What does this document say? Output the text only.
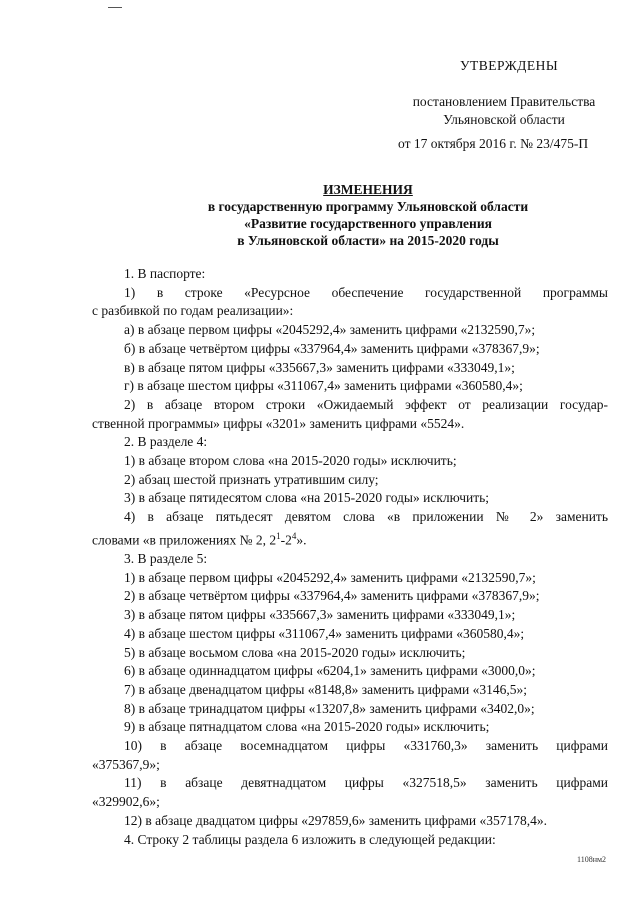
УТВЕРЖДЕНЫ
постановлением Правительства
Ульяновской области
от 17 октября 2016 г. № 23/475-П
ИЗМЕНЕНИЯ
в государственную программу Ульяновской области
«Развитие государственного управления
в Ульяновской области» на 2015-2020 годы
1. В паспорте:
1) в строке «Ресурсное обеспечение государственной программы
с разбивкой по годам реализации»:
а) в абзаце первом цифры «2045292,4» заменить цифрами «2132590,7»;
б) в абзаце четвёртом цифры «337964,4» заменить цифрами «378367,9»;
в) в абзаце пятом цифры «335667,3» заменить цифрами «333049,1»;
г) в абзаце шестом цифры «311067,4» заменить цифрами «360580,4»;
2) в абзаце втором строки «Ожидаемый эффект от реализации государ-
ственной программы» цифры «3201» заменить цифрами «5524».
2. В разделе 4:
1) в абзаце втором слова «на 2015-2020 годы» исключить;
2) абзац шестой признать утратившим силу;
3) в абзаце пятидесятом слова «на 2015-2020 годы» исключить;
4) в абзаце пятьдесят девятом слова «в приложении № 2» заменить
словами «в приложениях № 2, $2^1-2^4$».
3. В разделе 5:
1) в абзаце первом цифры «2045292,4» заменить цифрами «2132590,7»;
2) в абзаце четвёртом цифры «337964,4» заменить цифрами «378367,9»;
3) в абзаце пятом цифры «335667,3» заменить цифрами «333049,1»;
4) в абзаце шестом цифры «311067,4» заменить цифрами «360580,4»;
5) в абзаце восьмом слова «на 2015-2020 годы» исключить;
6) в абзаце одиннадцатом цифры «6204,1» заменить цифрами «3000,0»;
7) в абзаце двенадцатом цифры «8148,8» заменить цифрами «3146,5»;
8) в абзаце тринадцатом цифры «13207,8» заменить цифрами «3402,0»;
9) в абзаце пятнадцатом слова «на 2015-2020 годы» исключить;
10) в абзаце восемнадцатом цифры «331760,3» заменить цифрами
«375367,9»;
11) в абзаце девятнадцатом цифры «327518,5» заменить цифрами
«329902,6»;
12) в абзаце двадцатом цифры «297859,6» заменить цифрами «357178,4».
4. Строку 2 таблицы раздела 6 изложить в следующей редакции:
1108нм2
